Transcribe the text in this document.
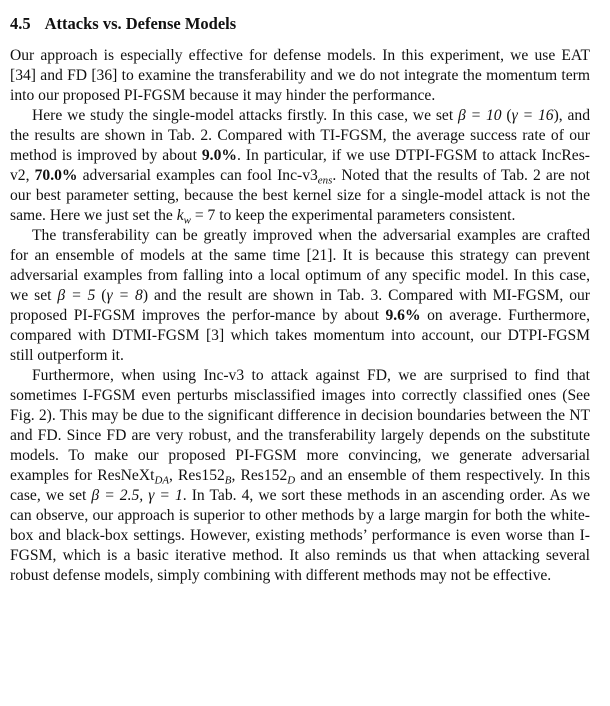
4.5 Attacks vs. Defense Models

Our approach is especially effective for defense models. In this experiment, we use EAT [34] and FD [36] to examine the transferability and we do not integrate the momentum term into our proposed PI-FGSM because it may hinder the performance.

Here we study the single-model attacks firstly. In this case, we set β = 10 (γ = 16), and the results are shown in Tab. 2. Compared with TI-FGSM, the average success rate of our method is improved by about 9.0%. In particular, if we use DTPI-FGSM to attack IncRes-v2, 70.0% adversarial examples can fool Inc-$v3_{ens}$. Noted that the results of Tab. 2 are not our best parameter setting, because the best kernel size for a single-model attack is not the same. Here we just set the $k_w = 7$ to keep the experimental parameters consistent.

The transferability can be greatly improved when the adversarial examples are crafted for an ensemble of models at the same time [21]. It is because this strategy can prevent adversarial examples from falling into a local optimum of any specific model. In this case, we set β = 5 (γ = 8) and the result are shown in Tab. 3. Compared with MI-FGSM, our proposed PI-FGSM improves the perfor-mance by about 9.6% on average. Furthermore, compared with DTMI-FGSM [3] which takes momentum into account, our DTPI-FGSM still outperform it.

Furthermore, when using Inc-v3 to attack against FD, we are surprised to find that sometimes I-FGSM even perturbs misclassified images into correctly classified ones (See Fig. 2). This may be due to the significant difference in decision boundaries between the NT and FD. Since FD are very robust, and the transferability largely depends on the substitute models. To make our proposed PI-FGSM more convincing, we generate adversarial examples for ResNeXt$_{DA}$, $Res152_B$, $Res152_D$ and an ensemble of them respectively. In this case, we set β = 2.5, γ = 1. In Tab. 4, we sort these methods in an ascending order. As we can observe, our approach is superior to other methods by a large margin for both the white-box and black-box settings. However, existing methods’ performance is even worse than I-FGSM, which is a basic iterative method. It also reminds us that when attacking several robust defense models, simply combining with different methods may not be effective.
